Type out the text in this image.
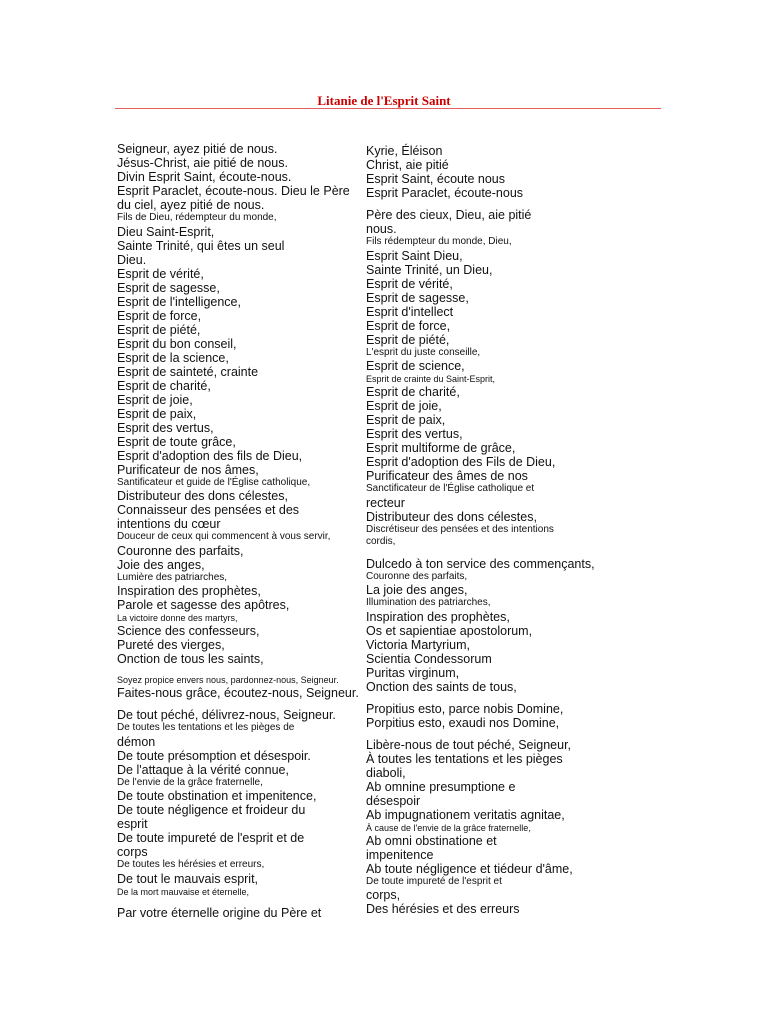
Litanie de l'Esprit Saint
Seigneur, ayez pitié de nous.
Jésus-Christ, aie pitié de nous.
Divin Esprit Saint, écoute-nous.
Esprit Paraclet, écoute-nous. Dieu le Père
du ciel, ayez pitié de nous.
Fils de Dieu, rédempteur du monde,
Dieu Saint-Esprit,
Sainte Trinité, qui êtes un seul
Dieu.
Esprit de vérité,
Esprit de sagesse,
Esprit de l'intelligence,
Esprit de force,
Esprit de piété,
Esprit du bon conseil,
Esprit de la science,
Esprit de sainteté, crainte
Esprit de charité,
Esprit de joie,
Esprit de paix,
Esprit des vertus,
Esprit de toute grâce,
Esprit d'adoption des fils de Dieu,
Purificateur de nos âmes,
Santificateur et guide de l'Église catholique,
Distributeur des dons célestes,
Connaisseur des pensées et des
intentions du cœur
Douceur de ceux qui commencent à vous servir,
Couronne des parfaits,
Joie des anges,
Lumière des patriarches,
Inspiration des prophètes,
Parole et sagesse des apôtres,
La victoire donne des martyrs,
Science des confesseurs,
Pureté des vierges,
Onction de tous les saints,
Soyez propice envers nous, pardonnez-nous, Seigneur.
Faites-nous grâce, écoutez-nous, Seigneur.
De tout péché, délivrez-nous, Seigneur.
De toutes les tentations et les pièges de
démon
De toute présomption et désespoir.
De l'attaque à la vérité connue,
De l'envie de la grâce fraternelle,
De toute obstination et impenitence,
De toute négligence et froideur du
esprit
De toute impureté de l'esprit et de
corps
De toutes les hérésies et erreurs,
De tout le mauvais esprit,
De la mort mauvaise et éternelle,
Par votre éternelle origine du Père et
Kyrie, Éléison
Christ, aie pitié
Esprit Saint, écoute nous
Esprit Paraclet, écoute-nous
Père des cieux, Dieu, aie pitié
nous.
Fils rédempteur du monde, Dieu,
Esprit Saint Dieu,
Sainte Trinité, un Dieu,
Esprit de vérité,
Esprit de sagesse,
Esprit d'intellect
Esprit de force,
Esprit de piété,
L'esprit du juste conseille,
Esprit de science,
Esprit de crainte du Saint-Esprit,
Esprit de charité,
Esprit de joie,
Esprit de paix,
Esprit des vertus,
Esprit multiforme de grâce,
Esprit d'adoption des Fils de Dieu,
Purificateur des âmes de nos
Sanctificateur de l'Église catholique et
recteur
Distributeur des dons célestes,
Discrétiseur des pensées et des intentions
cordis,
Dulcedo à ton service des commençants,
Couronne des parfaits,
La joie des anges,
Illumination des patriarches,
Inspiration des prophètes,
Os et sapientiae apostolorum,
Victoria Martyrium,
Scientia Condessorum
Puritas virginum,
Onction des saints de tous,
Propitius esto, parce nobis Domine,
Porpitius esto, exaudi nos Domine,
Libère-nous de tout péché, Seigneur,
À toutes les tentations et les pièges
diaboli,
Ab omnine presumptione e
désespoir
Ab impugnationem veritatis agnitae,
À cause de l'envie de la grâce fraternelle,
Ab omni obstinatione et
impenitence
Ab toute négligence et tiédeur d'âme,
De toute impureté de l'esprit et
corps,
Des hérésies et des erreurs
